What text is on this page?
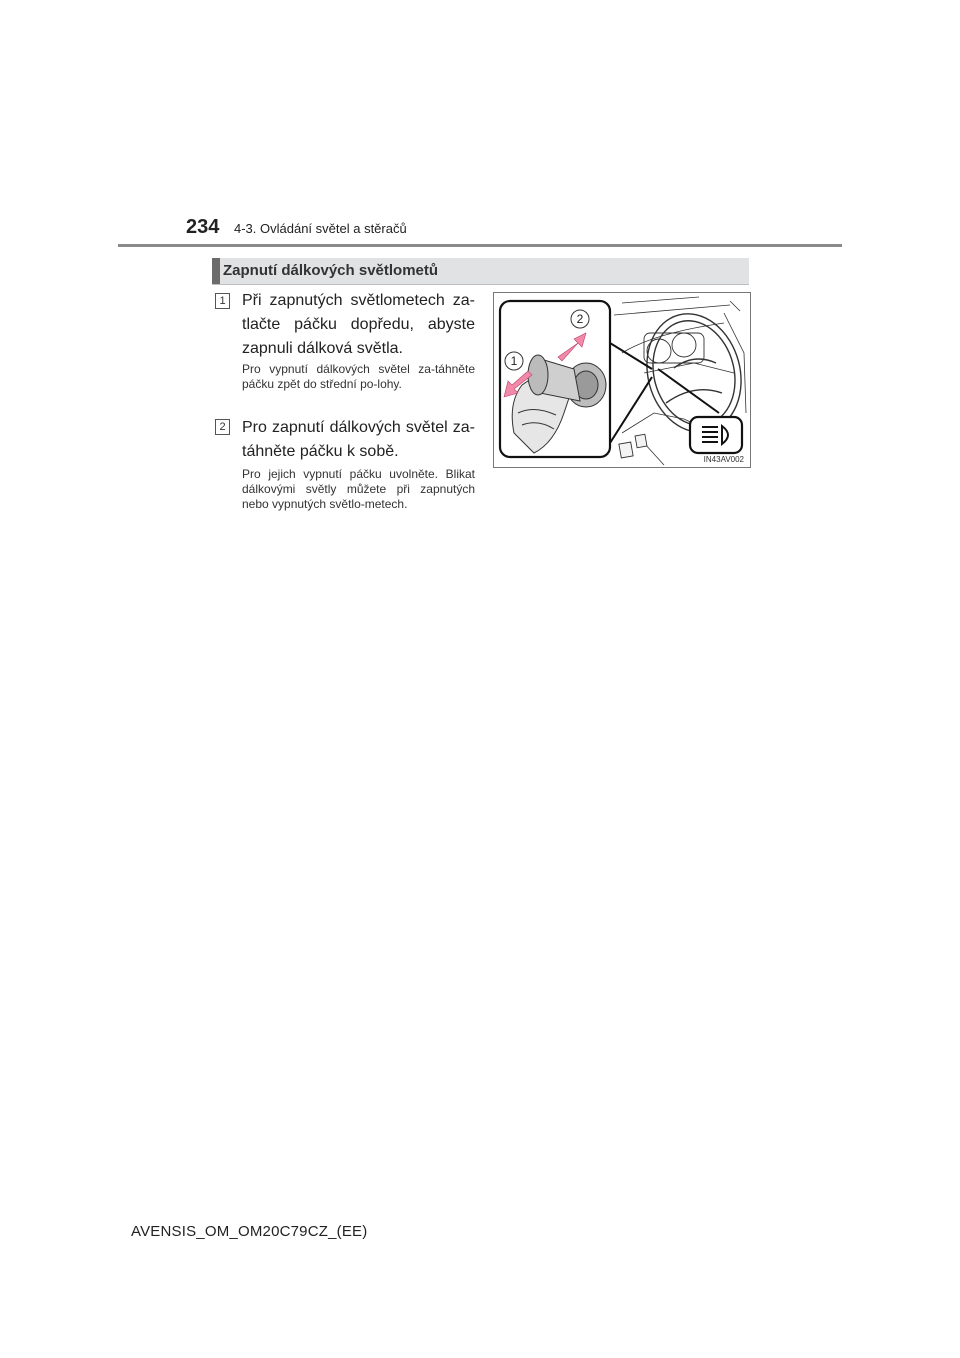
234 4-3. Ovládání světel a stěračů
Zapnutí dálkových světlometů
1 Při zapnutých světlometech za-tlačte páčku dopředu, abyste zapnuli dálková světla.
Pro vypnutí dálkových světel za-táhněte páčku zpět do střední po-lohy.
2 Pro zapnutí dálkových světel za-táhněte páčku k sobě.
Pro jejich vypnutí páčku uvolněte. Blikat dálkovými světly můžete při zapnutých nebo vypnutých světlo-metech.
2
1
IN43AV002
AVENSIS_OM_OM20C79CZ_(EE)
